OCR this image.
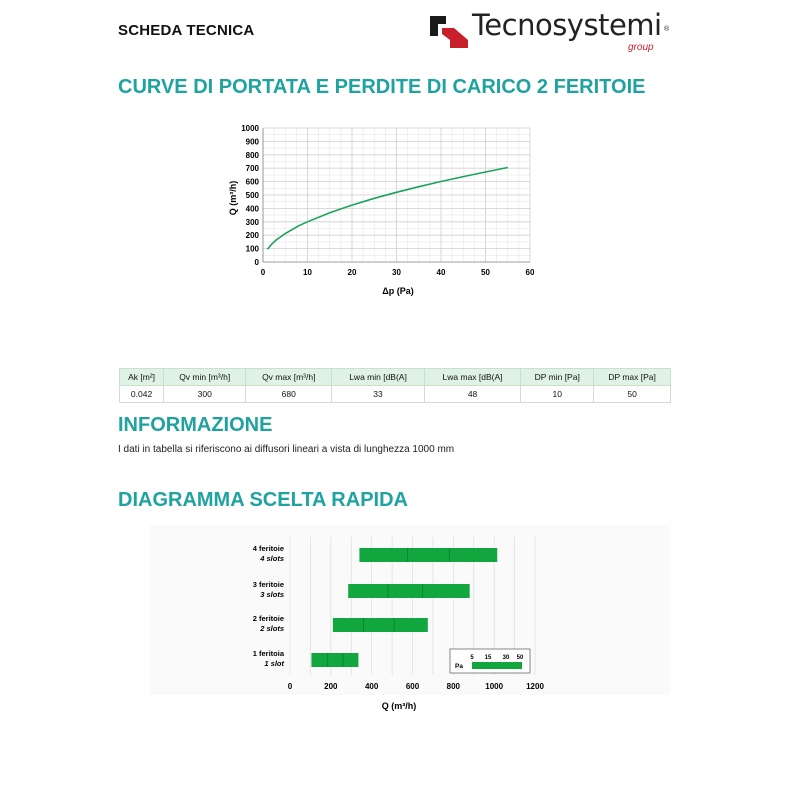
SCHEDA TECNICA	Tecnosystemi ®
group
CURVE DI PORTATA E PERDITE DI CARICO 2 FERITOIE
0
100
200
300
400
500
600
700
800
900
1000
0	10	20	30	40	50	60
Δp (Pa)
Q (m³/h)
Ak [m²]	Qv min [m³/h]	Qv max [m³/h]	Lwa min [dB(A]	Lwa max [dB(A]	DP min [Pa]	DP max [Pa]
0.042	300	680	33	48	10	50
INFORMAZIONE
I dati in tabella si riferiscono ai diffusori lineari a vista di lunghezza 1000 mm
DIAGRAMMA SCELTA RAPIDA
4 feritoie
4 slots
3 feritoie
3 slots
2 feritoie
2 slots
1 feritoia
1 slot
0	200	400	600	800	1000	1200
Pa
5 15 30 50
Q (m³/h)
